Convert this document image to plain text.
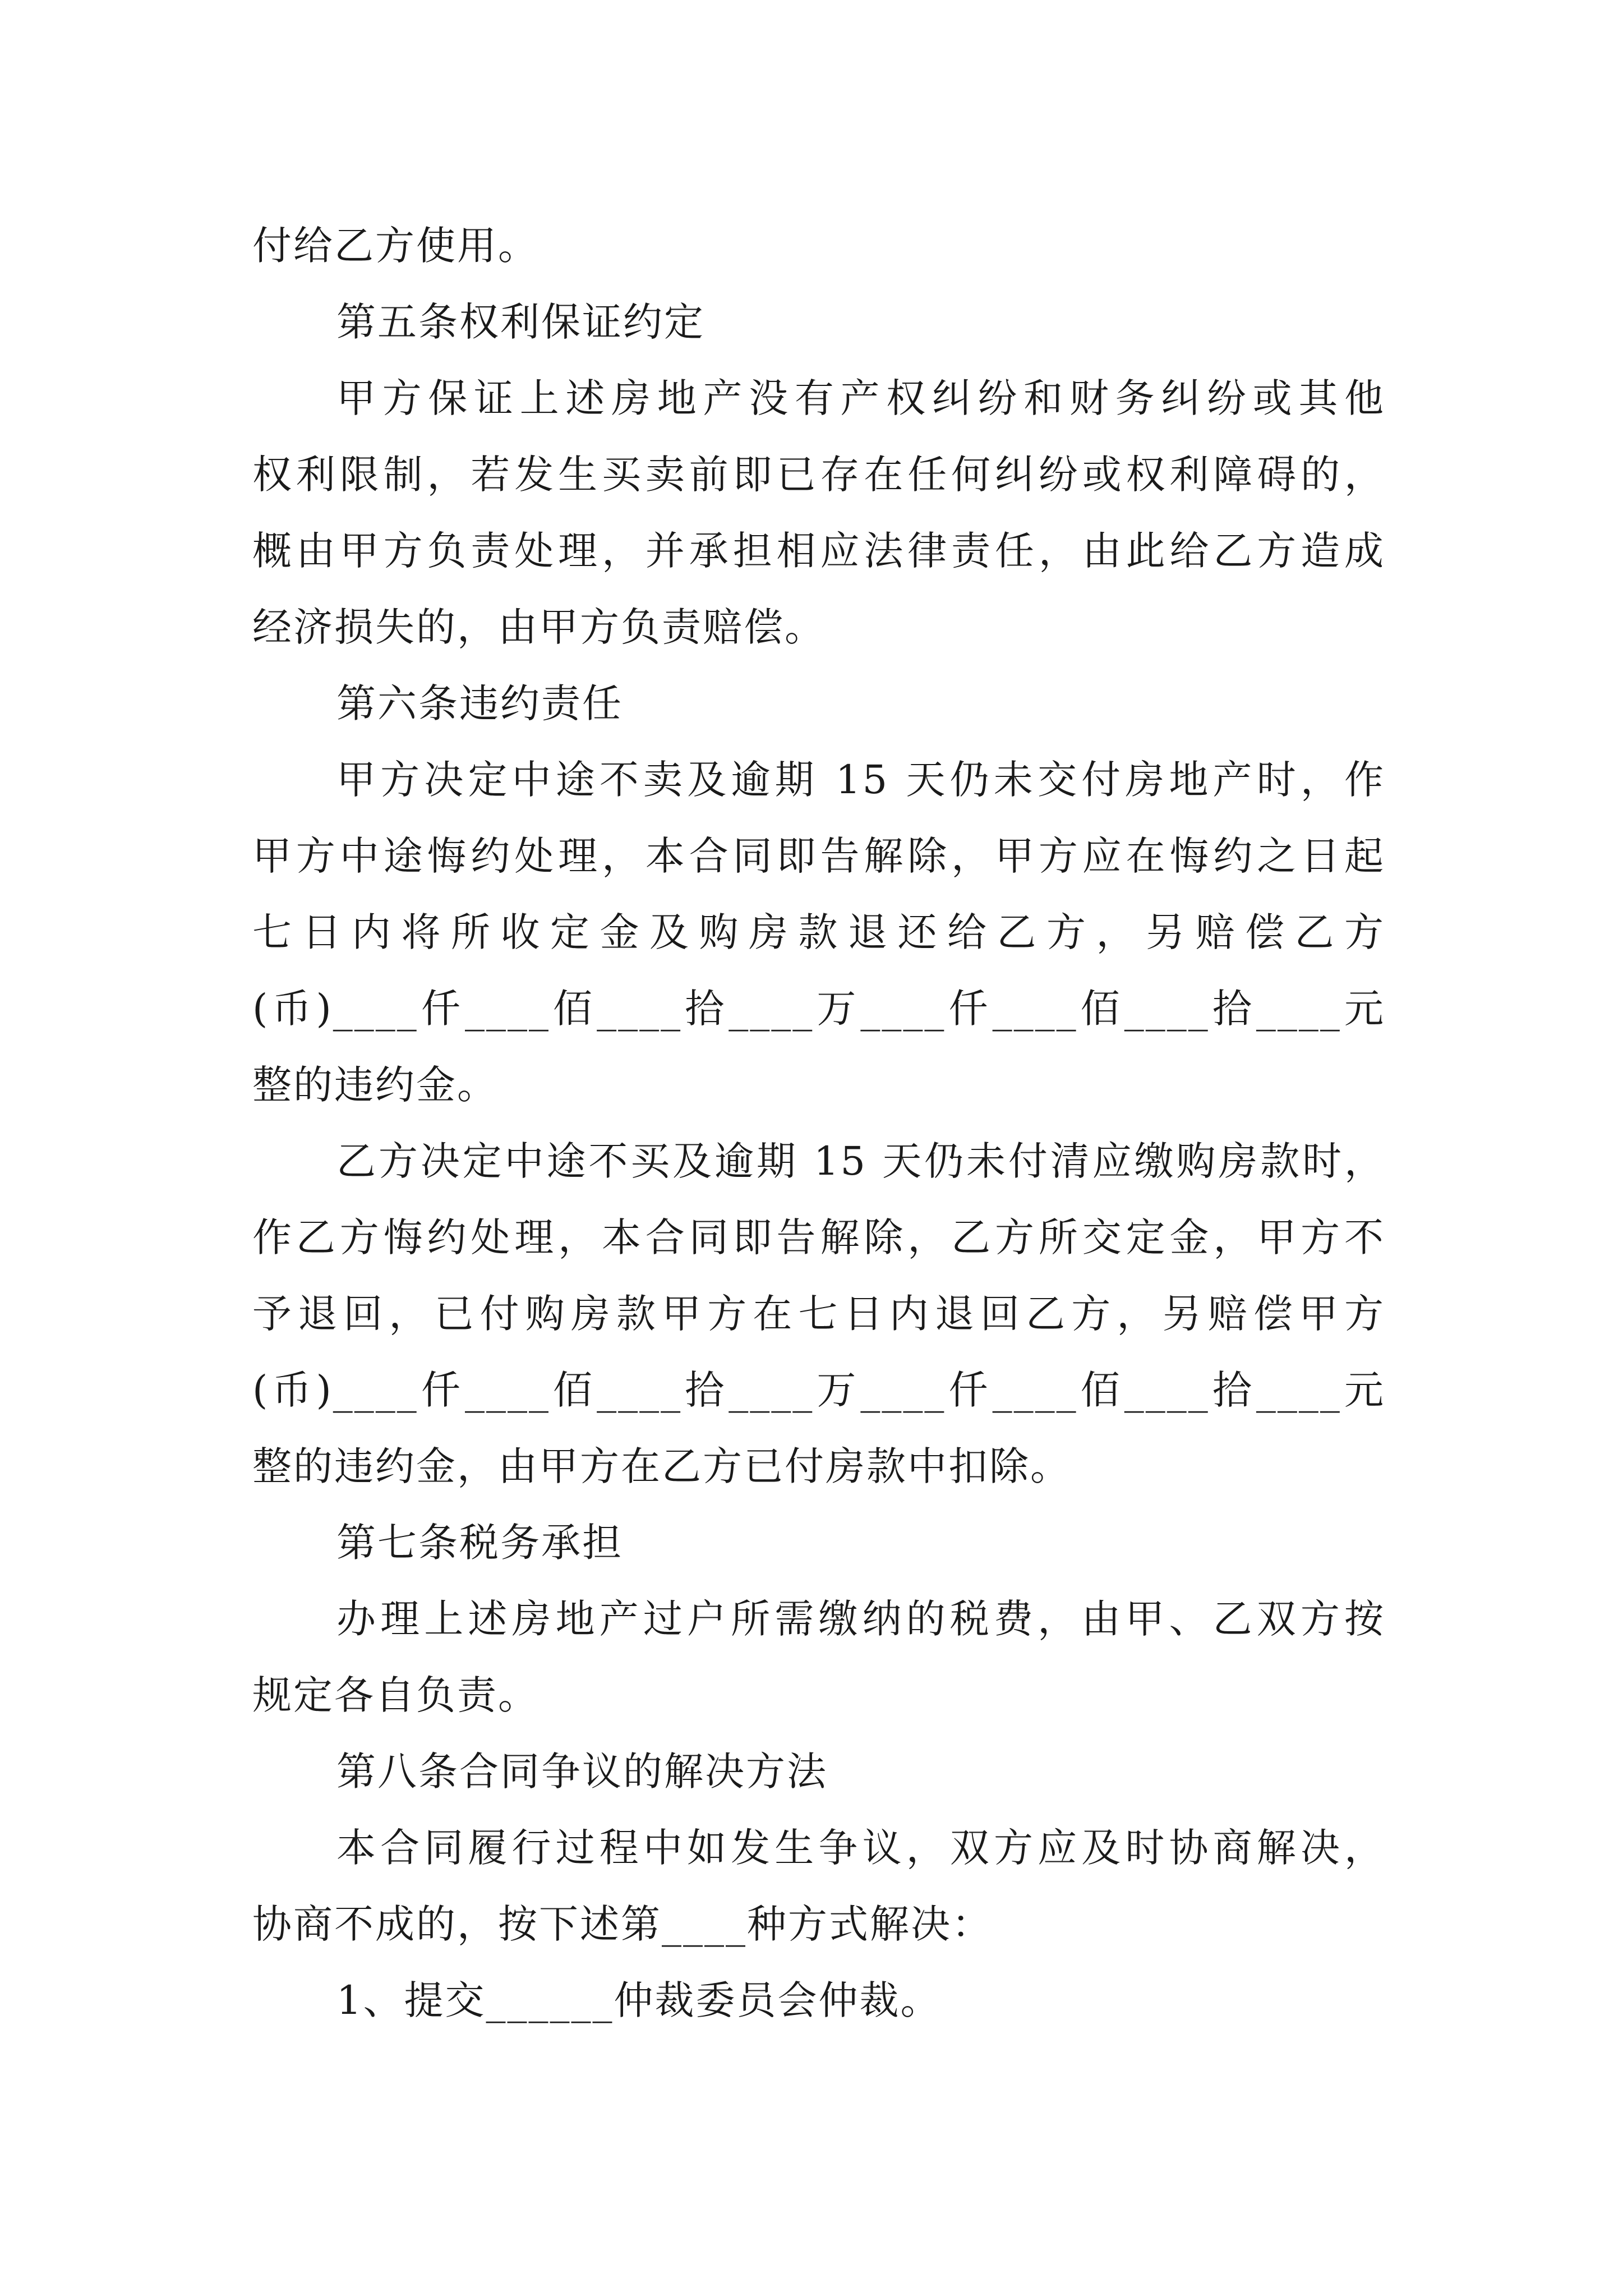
付给乙方使用。
第五条权利保证约定
甲方保证上述房地产没有产权纠纷和财务纠纷或其他
权利限制，若发生买卖前即已存在任何纠纷或权利障碍的，
概由甲方负责处理，并承担相应法律责任，由此给乙方造成
经济损失的，由甲方负责赔偿。
第六条违约责任
甲方决定中途不卖及逾期 15 天仍未交付房地产时，作
甲方中途悔约处理，本合同即告解除，甲方应在悔约之日起
七日内将所收定金及购房款退还给乙方，另赔偿乙方
(币)____仟____佰____拾____万____仟____佰____拾____元
整的违约金。
乙方决定中途不买及逾期 15 天仍未付清应缴购房款时，
作乙方悔约处理，本合同即告解除，乙方所交定金，甲方不
予退回，已付购房款甲方在七日内退回乙方，另赔偿甲方
(币)____仟____佰____拾____万____仟____佰____拾____元
整的违约金，由甲方在乙方已付房款中扣除。
第七条税务承担
办理上述房地产过户所需缴纳的税费，由甲、乙双方按
规定各自负责。
第八条合同争议的解决方法
本合同履行过程中如发生争议，双方应及时协商解决，
协商不成的，按下述第____种方式解决：
1、提交______仲裁委员会仲裁。
